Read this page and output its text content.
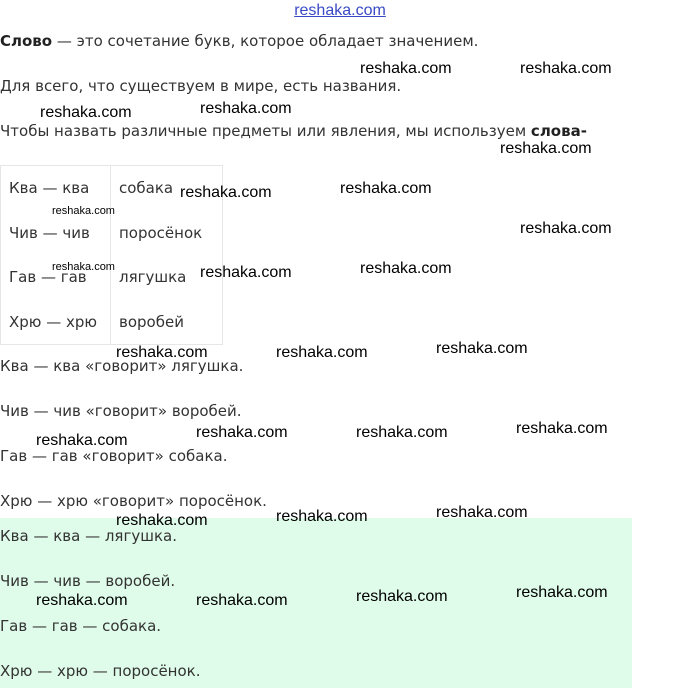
reshaka.com
Слово — это сочетание букв, которое обладает значением.
Для всего, что существуем в мире, есть названия.
Чтобы назвать различные предметы или явления, мы используем слова-
Ква — ква	собака
Чив — чив	поросёнок
Гав — гав	лягушка
Хрю — хрю	воробей
Ква — ква «говорит» лягушка.
Чив — чив «говорит» воробей.
Гав — гав «говорит» собака.
Хрю — хрю «говорит» поросёнок.
Ква — ква — лягушка.
Чив — чив — воробей.
Гав — гав — собака.
Хрю — хрю — поросёнок.
reshaka.com	reshaka.com
reshaka.com	reshaka.com
reshaka.com
reshaka.com	reshaka.com
reshaka.com
reshaka.com
reshaka.com	reshaka.com	reshaka.com
reshaka.com	reshaka.com	reshaka.com
reshaka.com	reshaka.com	reshaka.com	reshaka.com
reshaka.com	reshaka.com	reshaka.com
reshaka.com	reshaka.com	reshaka.com	reshaka.com
